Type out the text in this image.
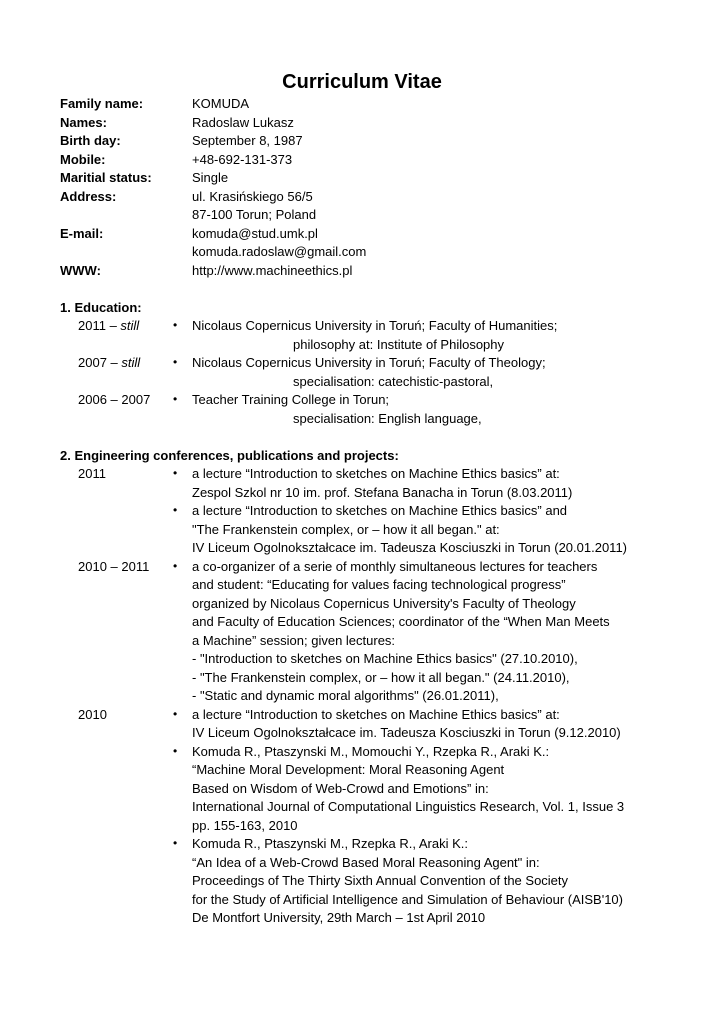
Curriculum Vitae
Family name:	KOMUDA
Names:	Radoslaw Lukasz
Birth day:	September 8, 1987
Mobile:	+48-692-131-373
Maritial status:	Single
Address:	ul. Krasińskiego 56/5
87-100 Torun; Poland
E-mail:	komuda@stud.umk.pl
komuda.radoslaw@gmail.com
WWW:	http://www.machineethics.pl
1. Education:
2011 – still	• Nicolaus Copernicus University in Toruń; Faculty of Humanities;
philosophy at: Institute of Philosophy
2007 – still	• Nicolaus Copernicus University in Toruń; Faculty of Theology;
specialisation: catechistic-pastoral,
2006 – 2007 • Teacher Training College in Torun;
specialisation: English language,
2. Engineering conferences, publications and projects:
2011	• a lecture “Introduction to sketches on Machine Ethics basics” at:
Zespol Szkol nr 10 im. prof. Stefana Banacha in Torun (8.03.2011)
• a lecture “Introduction to sketches on Machine Ethics basics” and
"The Frankenstein complex, or – how it all began." at:
IV Liceum Ogolnokształcace im. Tadeusza Kosciuszki in Torun (20.01.2011)
2010 – 2011 • a co-organizer of a serie of monthly simultaneous lectures for teachers
and student: “Educating for values facing technological progress”
organized by Nicolaus Copernicus University's Faculty of Theology
and Faculty of Education Sciences; coordinator of the “When Man Meets
a Machine” session; given lectures:
- "Introduction to sketches on Machine Ethics basics" (27.10.2010),
- "The Frankenstein complex, or – how it all began." (24.11.2010),
- "Static and dynamic moral algorithms" (26.01.2011),
2010	• a lecture “Introduction to sketches on Machine Ethics basics” at:
IV Liceum Ogolnokształcace im. Tadeusza Kosciuszki in Torun (9.12.2010)
• Komuda R., Ptaszynski M., Momouchi Y., Rzepka R., Araki K.:
“Machine Moral Development: Moral Reasoning Agent
Based on Wisdom of Web-Crowd and Emotions” in:
International Journal of Computational Linguistics Research, Vol. 1, Issue 3
pp. 155-163, 2010
• Komuda R., Ptaszynski M., Rzepka R., Araki K.:
“An Idea of a Web-Crowd Based Moral Reasoning Agent" in:
Proceedings of The Thirty Sixth Annual Convention of the Society
for the Study of Artificial Intelligence and Simulation of Behaviour (AISB'10)
De Montfort University, 29th March – 1st April 2010
